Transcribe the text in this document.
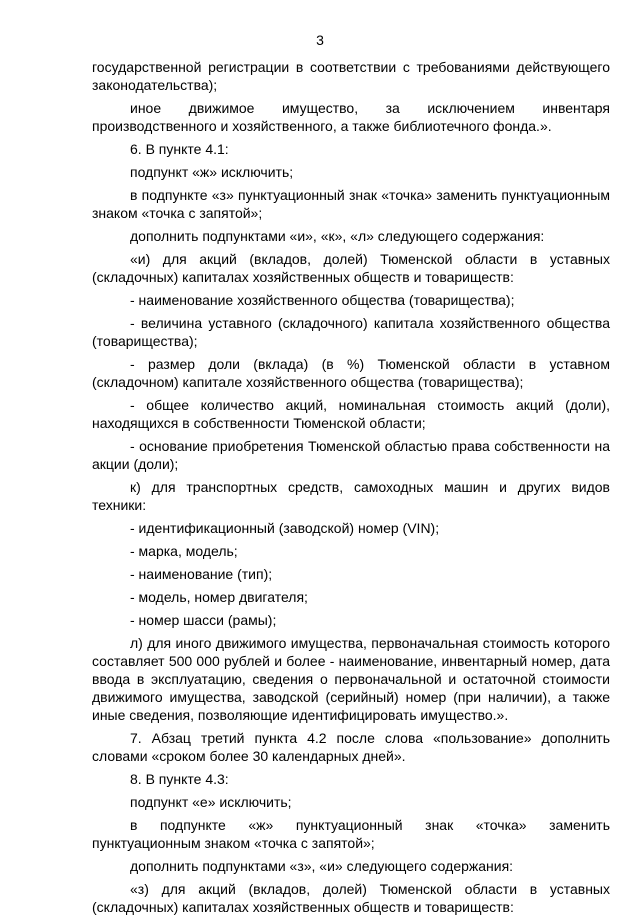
3

государственной регистрации в соответствии с требованиями действующего законодательства);

иное движимое имущество, за исключением инвентаря производственного и хозяйственного, а также библиотечного фонда.».

6. В пункте 4.1:

подпункт «ж» исключить;

в подпункте «з» пунктуационный знак «точка» заменить пунктуационным знаком «точка с запятой»;

дополнить подпунктами «и», «к», «л» следующего содержания:

«и) для акций (вкладов, долей) Тюменской области в уставных (складочных) капиталах хозяйственных обществ и товариществ:

- наименование хозяйственного общества (товарищества);

- величина уставного (складочного) капитала хозяйственного общества (товарищества);

- размер доли (вклада) (в %) Тюменской области в уставном (складочном) капитале хозяйственного общества (товарищества);

- общее количество акций, номинальная стоимость акций (доли), находящихся в собственности Тюменской области;

- основание приобретения Тюменской областью права собственности на акции (доли);

к) для транспортных средств, самоходных машин и других видов техники:

- идентификационный (заводской) номер (VIN);

- марка, модель;

- наименование (тип);

- модель, номер двигателя;

- номер шасси (рамы);

л) для иного движимого имущества, первоначальная стоимость которого составляет 500 000 рублей и более - наименование, инвентарный номер, дата ввода в эксплуатацию, сведения о первоначальной и остаточной стоимости движимого имущества, заводской (серийный) номер (при наличии), а также иные сведения, позволяющие идентифицировать имущество.».

7. Абзац третий пункта 4.2 после слова «пользование» дополнить словами «сроком более 30 календарных дней».

8. В пункте 4.3:

подпункт «е» исключить;

в подпункте «ж» пунктуационный знак «точка» заменить пунктуационным знаком «точка с запятой»;

дополнить подпунктами «з», «и» следующего содержания:

«з) для акций (вкладов, долей) Тюменской области в уставных (складочных) капиталах хозяйственных обществ и товариществ:
